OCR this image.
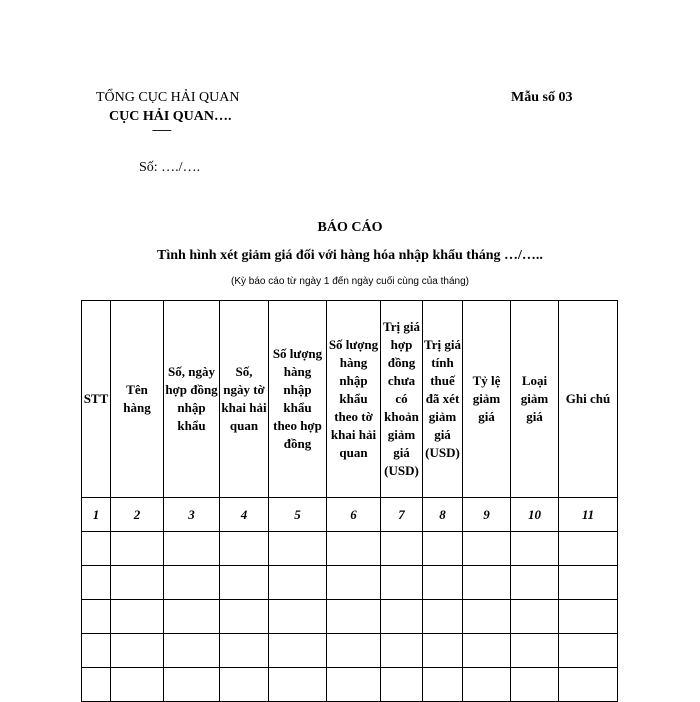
TỔNG CỤC HẢI QUAN
CỤC HẢI QUAN….
-------
Mẫu số 03
Số: …./….
BÁO CÁO
Tình hình xét giảm giá đối với hàng hóa nhập khẩu tháng …/…..
(Kỳ báo cáo từ ngày 1 đến ngày cuối cùng của tháng)
STT	Tên hàng	Số, ngày hợp đồng nhập khẩu	Số, ngày tờ khai hải quan	Số lượng hàng nhập khẩu theo hợp đồng	Số lượng hàng nhập khẩu theo tờ khai hải quan	Trị giá hợp đồng chưa có khoản giảm giá (USD)	Trị giá tính thuế đã xét giảm giá (USD)	Tỷ lệ giảm giá	Loại giảm giá	Ghi chú
1	2	3	4	5	6	7	8	9	10	11
